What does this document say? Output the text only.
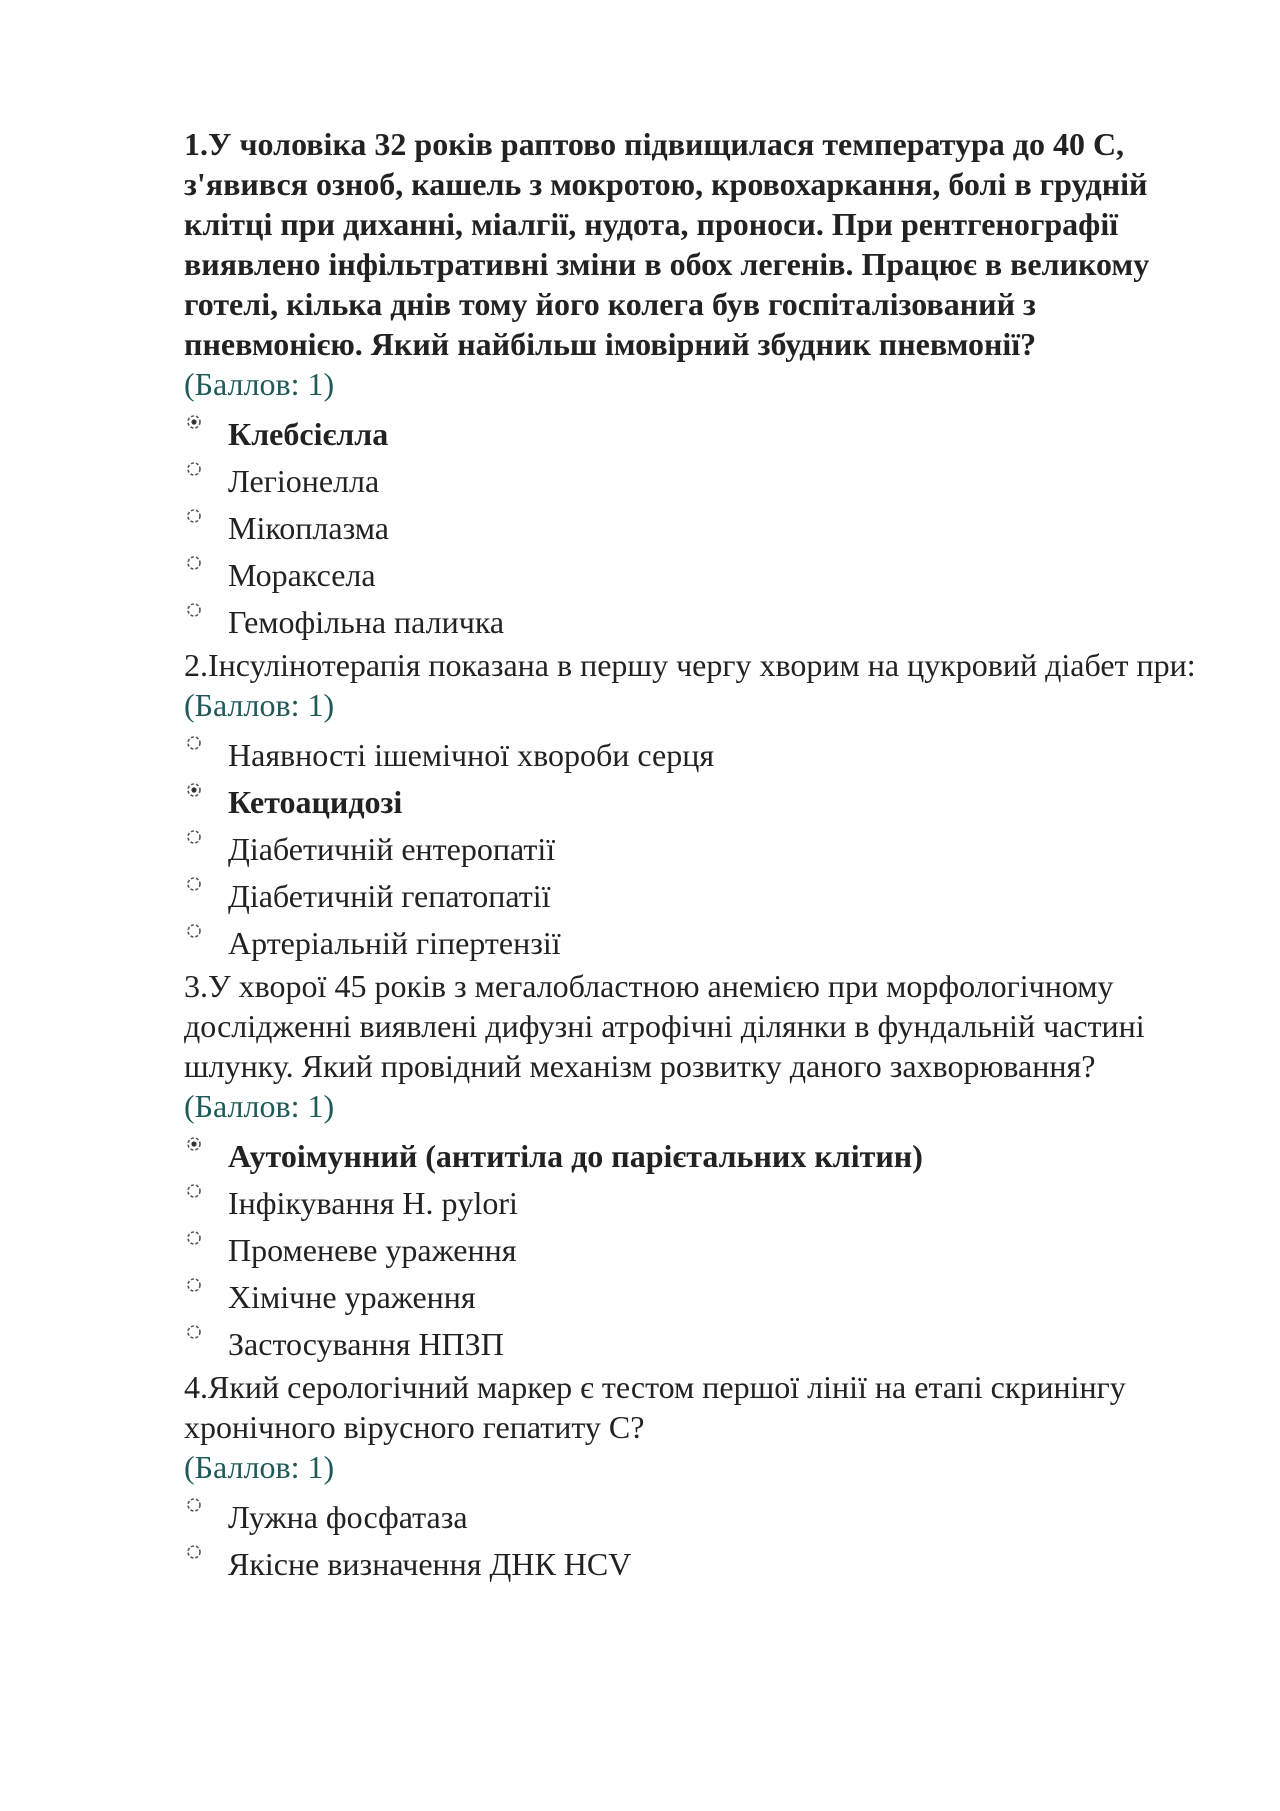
1.У чоловіка 32 років раптово підвищилася температура до 40 С, з'явився озноб, кашель з мокротою, кровохаркання, болі в грудній клітці при диханні, міалгії, нудота, проноси. При рентгенографії виявлено інфільтративні зміни в обох легенів. Працює в великому готелі, кілька днів тому його колега був госпіталізований з пневмонією. Який найбільш імовірний збудник пневмонії?

(Баллов: 1)

Клебсієлла
Легіонелла
Мікоплазма
Мораксела
Гемофільна паличка

2.Інсулінотерапія показана в першу чергу хворим на цукровий діабет при:

(Баллов: 1)

Наявності ішемічної хвороби серця
Кетоацидозі
Діабетичній ентеропатії
Діабетичній гепатопатії
Артеріальній гіпертензії

3.У хворої 45 років з мегалобластною анемією при морфологічному дослідженні виявлені дифузні атрофічні ділянки в фундальній частині шлунку. Який провідний механізм розвитку даного захворювання?

(Баллов: 1)

Аутоімунний (антитіла до парієтальних клітин)
Інфікування H. pylori
Променеве ураження
Хімічне ураження
Застосування НПЗП

4.Який серологічний маркер є тестом першої лінії на етапі скринінгу хронічного вірусного гепатиту С?

(Баллов: 1)

Лужна фосфатаза
Якісне визначення ДНК HCV
